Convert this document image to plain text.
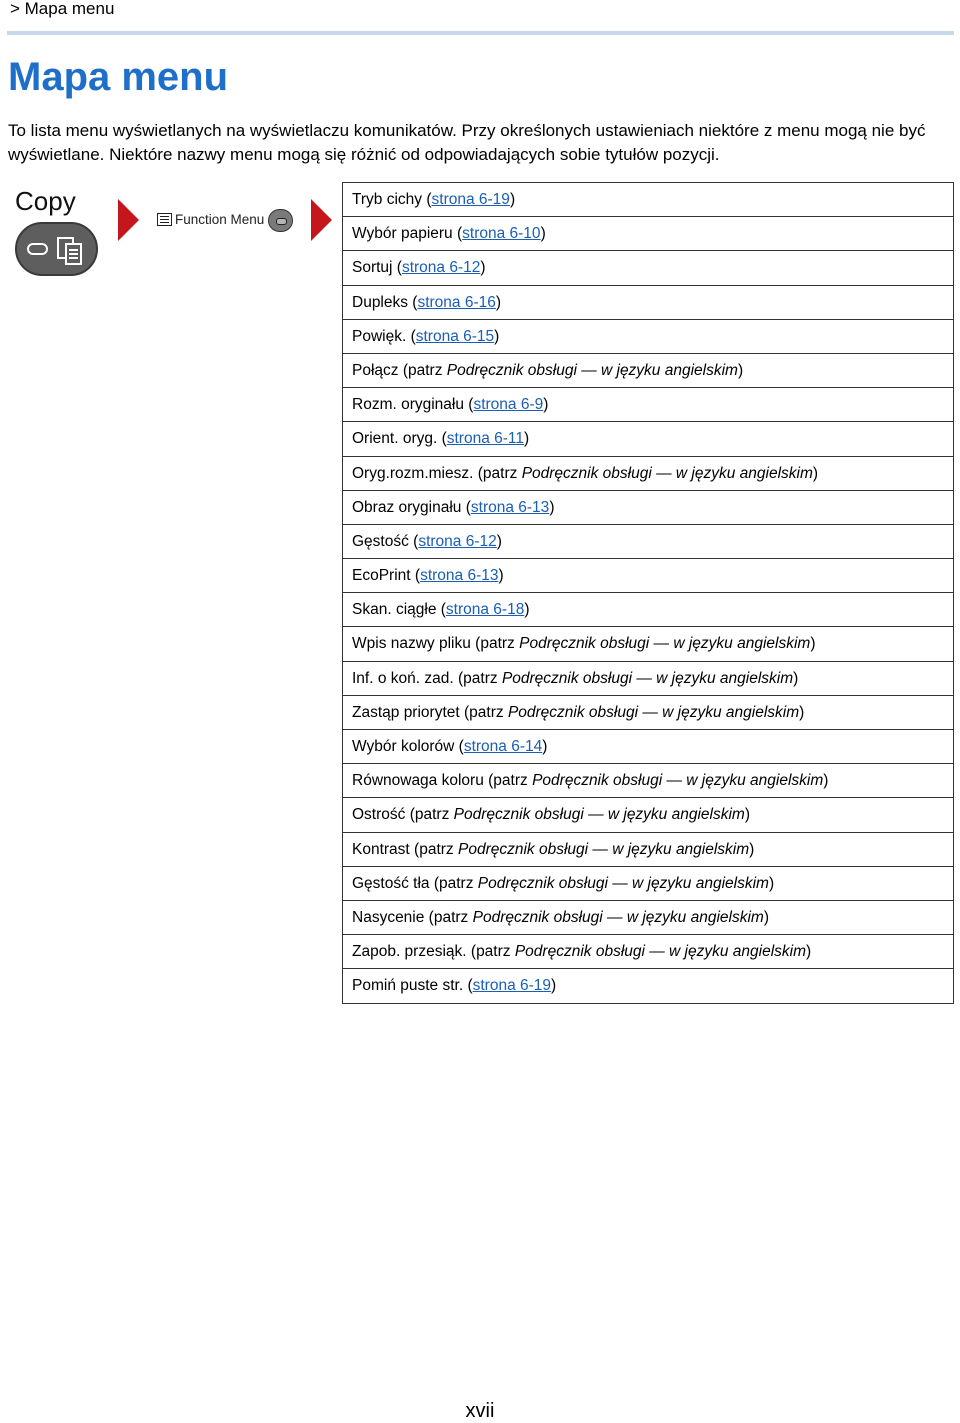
> Mapa menu
Mapa menu

To lista menu wyświetlanych na wyświetlaczu komunikatów. Przy określonych ustawieniach niektóre z menu mogą nie być wyświetlane. Niektóre nazwy menu mogą się różnić od odpowiadających sobie tytułów pozycji.

Copy
Function Menu
Tryb cichy (strona 6-19)
Wybór papieru (strona 6-10)
Sortuj (strona 6-12)
Dupleks (strona 6-16)
Powięk. (strona 6-15)
Połącz (patrz Podręcznik obsługi — w języku angielskim)
Rozm. oryginału (strona 6-9)
Orient. oryg. (strona 6-11)
Oryg.rozm.miesz. (patrz Podręcznik obsługi — w języku angielskim)
Obraz oryginału (strona 6-13)
Gęstość (strona 6-12)
EcoPrint (strona 6-13)
Skan. ciągłe (strona 6-18)
Wpis nazwy pliku (patrz Podręcznik obsługi — w języku angielskim)
Inf. o koń. zad. (patrz Podręcznik obsługi — w języku angielskim)
Zastąp priorytet (patrz Podręcznik obsługi — w języku angielskim)
Wybór kolorów (strona 6-14)
Równowaga koloru (patrz Podręcznik obsługi — w języku angielskim)
Ostrość (patrz Podręcznik obsługi — w języku angielskim)
Kontrast (patrz Podręcznik obsługi — w języku angielskim)
Gęstość tła (patrz Podręcznik obsługi — w języku angielskim)
Nasycenie (patrz Podręcznik obsługi — w języku angielskim)
Zapob. przesiąk. (patrz Podręcznik obsługi — w języku angielskim)
Pomiń puste str. (strona 6-19)
xvii
